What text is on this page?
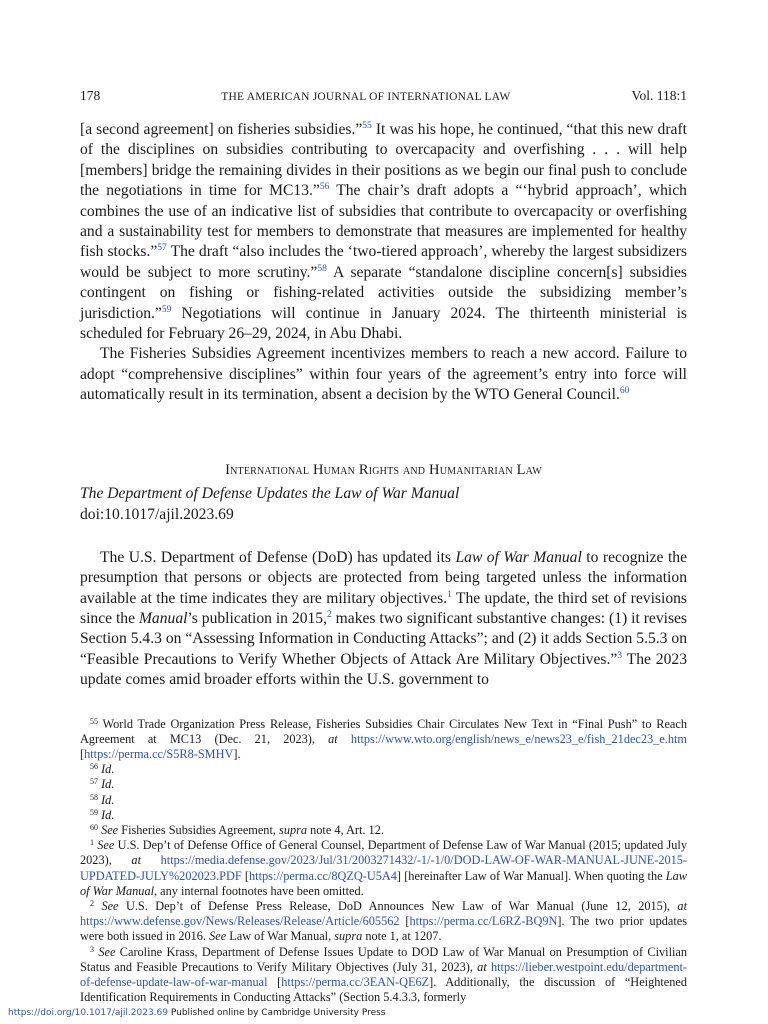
178	THE AMERICAN JOURNAL OF INTERNATIONAL LAW	Vol. 118:1

[a second agreement] on fisheries subsidies.”$^{55}$ It was his hope, he continued, “that this new draft of the disciplines on subsidies contributing to overcapacity and overfishing . . . will help [members] bridge the remaining divides in their positions as we begin our final push to conclude the negotiations in time for MC13.”$^{56}$ The chair’s draft adopts a “‘hybrid approach’, which combines the use of an indicative list of subsidies that contribute to overcapacity or overfishing and a sustainability test for members to demonstrate that measures are implemented for healthy fish stocks.”$^{57}$ The draft “also includes the ‘two-tiered approach’, whereby the largest subsidizers would be subject to more scrutiny.”$^{58}$ A separate “standalone discipline concern[s] subsidies contingent on fishing or fishing-related activities outside the subsidizing member’s jurisdiction.”$^{59}$ Negotiations will continue in January 2024. The thirteenth ministerial is scheduled for February 26–29, 2024, in Abu Dhabi.

The Fisheries Subsidies Agreement incentivizes members to reach a new accord. Failure to adopt “comprehensive disciplines” within four years of the agreement’s entry into force will automatically result in its termination, absent a decision by the WTO General Council.$^{60}$

International Human Rights and Humanitarian Law
The Department of Defense Updates the Law of War Manual
doi:10.1017/ajil.2023.69

The U.S. Department of Defense (DoD) has updated its Law of War Manual to recognize the presumption that persons or objects are protected from being targeted unless the information available at the time indicates they are military objectives.$^1$ The update, the third set of revisions since the Manual’s publication in 2015,$^2$ makes two significant substantive changes: (1) it revises Section 5.4.3 on “Assessing Information in Conducting Attacks”; and (2) it adds Section 5.5.3 on “Feasible Precautions to Verify Whether Objects of Attack Are Military Objectives.”$^3$ The 2023 update comes amid broader efforts within the U.S. government to

$^{55}$ World Trade Organization Press Release, Fisheries Subsidies Chair Circulates New Text in “Final Push” to Reach Agreement at MC13 (Dec. 21, 2023), at https://www.wto.org/english/news_e/news23_e/fish_21dec23_e.htm [https://perma.cc/S5R8-SMHV].

$^{56}$ Id.

$^{57}$ Id.

$^{58}$ Id.

$^{59}$ Id.

$^{60}$ See Fisheries Subsidies Agreement, supra note 4, Art. 12.

$^1$ See U.S. Dep’t of Defense Office of General Counsel, Department of Defense Law of War Manual (2015; updated July 2023), at https://media.defense.gov/2023/Jul/31/2003271432/-1/-1/0/DOD-LAW-OF-WAR-MANUAL-JUNE-2015-UPDATED-JULY%202023.PDF [https://perma.cc/8QZQ-U5A4] [hereinafter Law of War Manual]. When quoting the Law of War Manual, any internal footnotes have been omitted.

$^2$ See U.S. Dep’t of Defense Press Release, DoD Announces New Law of War Manual (June 12, 2015), at https://www.defense.gov/News/Releases/Release/Article/605562 [https://perma.cc/L6RZ-BQ9N]. The two prior updates were both issued in 2016. See Law of War Manual, supra note 1, at 1207.

$^3$ See Caroline Krass, Department of Defense Issues Update to DOD Law of War Manual on Presumption of Civilian Status and Feasible Precautions to Verify Military Objectives (July 31, 2023), at https://lieber.westpoint.edu/department-of-defense-update-law-of-war-manual [https://perma.cc/3EAN-QE6Z]. Additionally, the discussion of “Heightened Identification Requirements in Conducting Attacks” (Section 5.4.3.3, formerly

https://doi.org/10.1017/ajil.2023.69 Published online by Cambridge University Press
